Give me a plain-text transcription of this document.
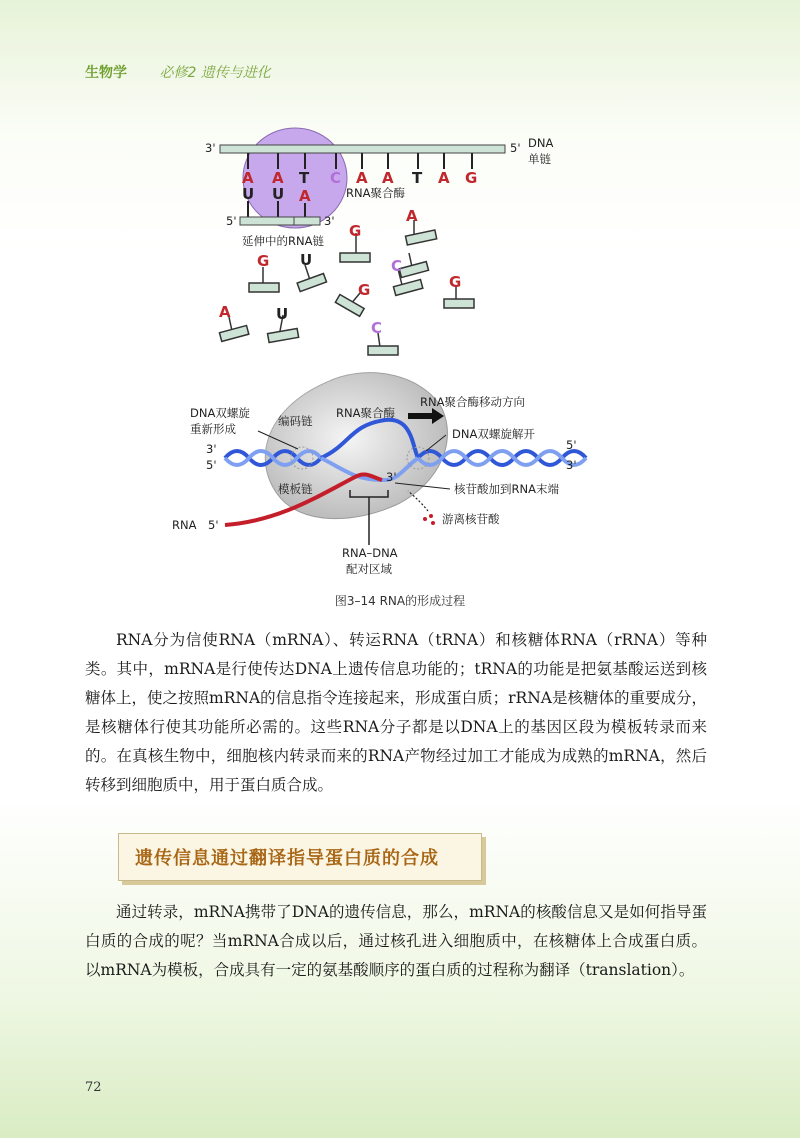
生物学 必修2 遗传与进化
3'	5' DNA
单链
A A T C A A T A G
U U A
5'	3'
RNA聚合酶
延伸中的RNA链
G
U
A
G	C
G
A	U
G
C
RNA聚合酶移动方向
DNA双螺旋
重新形成
编码链
RNA聚合酶
DNA双螺旋解开
3'
5'
5'
3'
3'
模板链	核苷酸加到RNA末端
游离核苷酸
RNA 5'
RNA–DNA
配对区域
图3–14 RNA的形成过程
RNA分为信使RNA（mRNA）、转运RNA（tRNA）和核糖体RNA（rRNA）等种类。其中，mRNA是行使传达DNA上遗传信息功能的；tRNA的功能是把氨基酸运送到核糖体上，使之按照mRNA的信息指令连接起来，形成蛋白质；rRNA是核糖体的重要成分，是核糖体行使其功能所必需的。这些RNA分子都是以DNA上的基因区段为模板转录而来的。在真核生物中，细胞核内转录而来的RNA产物经过加工才能成为成熟的mRNA，然后转移到细胞质中，用于蛋白质合成。
遗传信息通过翻译指导蛋白质的合成
通过转录，mRNA携带了DNA的遗传信息，那么，mRNA的核酸信息又是如何指导蛋白质的合成的呢？当mRNA合成以后，通过核孔进入细胞质中，在核糖体上合成蛋白质。以mRNA为模板，合成具有一定的氨基酸顺序的蛋白质的过程称为翻译（translation）。
72
